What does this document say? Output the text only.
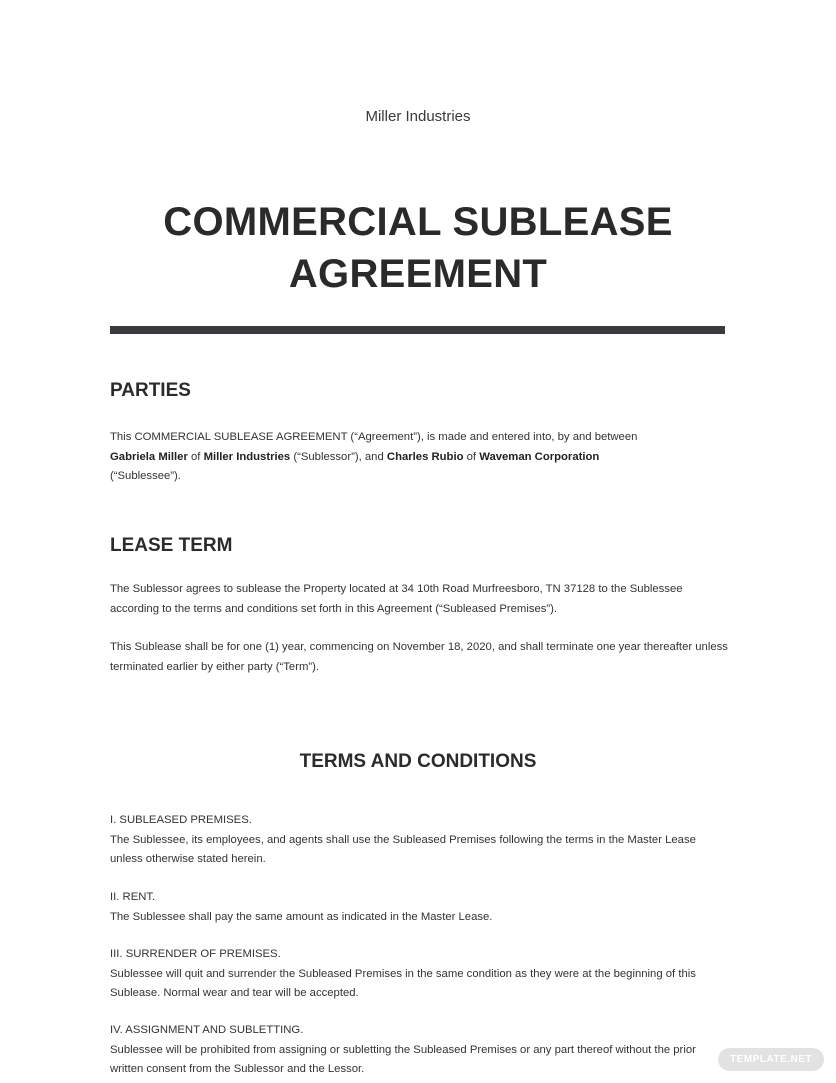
Miller Industries
COMMERCIAL SUBLEASE AGREEMENT
PARTIES
This COMMERCIAL SUBLEASE AGREEMENT (“Agreement”), is made and entered into, by and between
Gabriela Miller of Miller Industries (“Sublessor”), and Charles Rubio of Waveman Corporation
(“Sublessee”).
LEASE TERM
The Sublessor agrees to sublease the Property located at 34 10th Road Murfreesboro, TN 37128 to the Sublessee according to the terms and conditions set forth in this Agreement (“Subleased Premises”).
This Sublease shall be for one (1) year, commencing on November 18, 2020, and shall terminate one year thereafter unless terminated earlier by either party (“Term”).
TERMS AND CONDITIONS
I. SUBLEASED PREMISES.
The Sublessee, its employees, and agents shall use the Subleased Premises following the terms in the Master Lease unless otherwise stated herein.
II. RENT.
The Sublessee shall pay the same amount as indicated in the Master Lease.
III. SURRENDER OF PREMISES.
Sublessee will quit and surrender the Subleased Premises in the same condition as they were at the beginning of this Sublease. Normal wear and tear will be accepted.
IV. ASSIGNMENT AND SUBLETTING.
Sublessee will be prohibited from assigning or subletting the Subleased Premises or any part thereof without the prior written consent from the Sublessor and the Lessor.
TEMPLATE.NET
